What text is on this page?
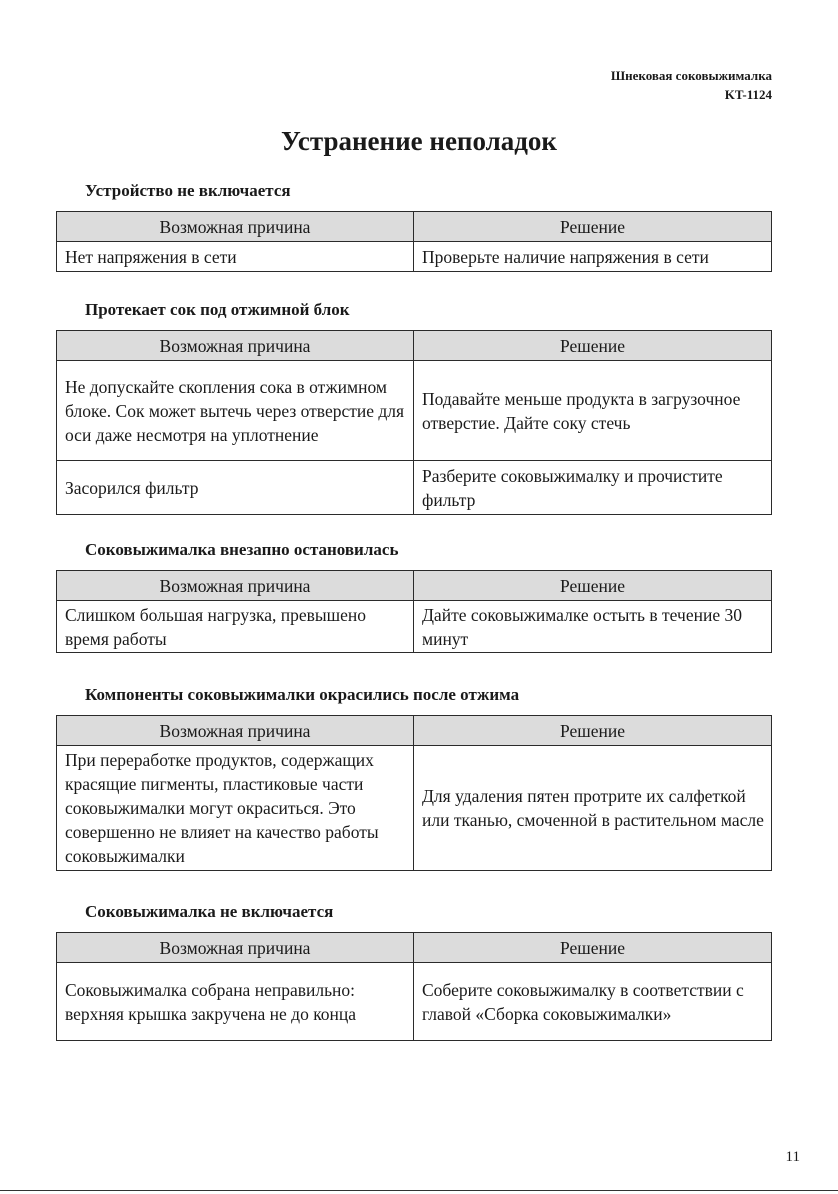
Шнековая соковыжималка
KT-1124
Устранение неполадок
Устройство не включается
Возможная причина	Решение
Нет напряжения в сети	Проверьте наличие напряжения в сети
Протекает сок под отжимной блок
Возможная причина	Решение
Не допускайте скопления сока в отжимном блоке. Сок может вытечь через отверстие для оси даже несмотря на уплотнение	Подавайте меньше продукта в загрузочное отверстие. Дайте соку стечь
Засорился фильтр	Разберите соковыжималку и прочистите фильтр
Соковыжималка внезапно остановилась
Возможная причина	Решение
Слишком большая нагрузка, превышено время работы	Дайте соковыжималке остыть в течение 30 минут
Компоненты соковыжималки окрасились после отжима
Возможная причина	Решение
При переработке продуктов, содержащих красящие пигменты, пластиковые части соковыжималки могут окраситься. Это совершенно не влияет на качество работы соковыжималки	Для удаления пятен протрите их салфеткой или тканью, смоченной в растительном масле
Соковыжималка не включается
Возможная причина	Решение
Соковыжималка собрана неправильно: верхняя крышка закручена не до конца	Соберите соковыжималку в соответствии с главой «Сборка соковыжималки»
11
